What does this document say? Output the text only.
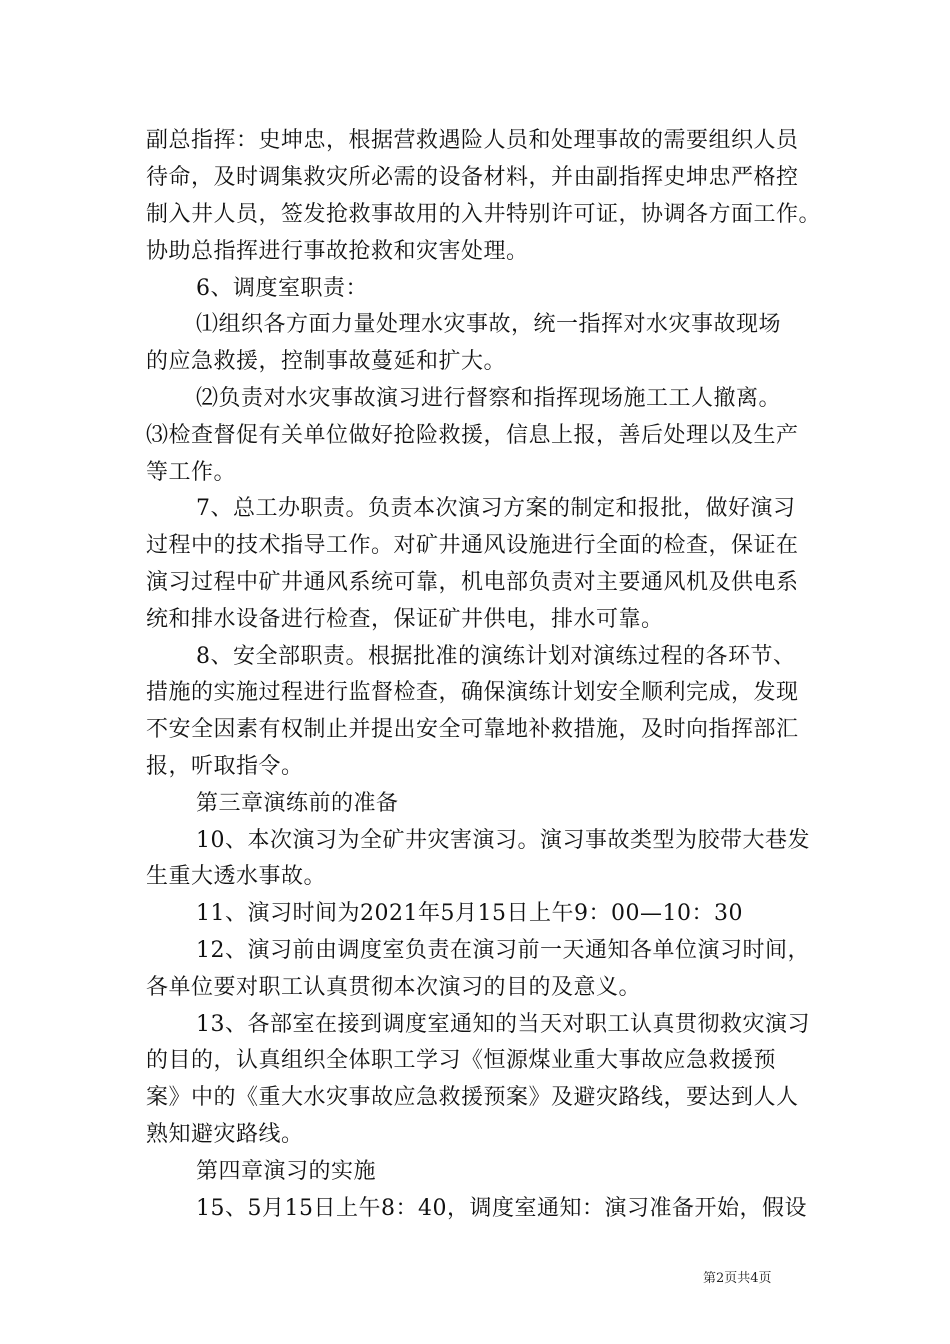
副总指挥：史坤忠，根据营救遇险人员和处理事故的需要组织人员
待命，及时调集救灾所必需的设备材料，并由副指挥史坤忠严格控
制入井人员，签发抢救事故用的入井特别许可证，协调各方面工作。
协助总指挥进行事故抢救和灾害处理。
6、调度室职责：
⑴组织各方面力量处理水灾事故，统一指挥对水灾事故现场
的应急救援，控制事故蔓延和扩大。
⑵负责对水灾事故演习进行督察和指挥现场施工工人撤离。
⑶检查督促有关单位做好抢险救援，信息上报，善后处理以及生产
等工作。
7、总工办职责。负责本次演习方案的制定和报批，做好演习
过程中的技术指导工作。对矿井通风设施进行全面的检查，保证在
演习过程中矿井通风系统可靠，机电部负责对主要通风机及供电系
统和排水设备进行检查，保证矿井供电，排水可靠。
8、安全部职责。根据批准的演练计划对演练过程的各环节、
措施的实施过程进行监督检查，确保演练计划安全顺利完成，发现
不安全因素有权制止并提出安全可靠地补救措施，及时向指挥部汇
报，听取指令。
第三章演练前的准备
10、本次演习为全矿井灾害演习。演习事故类型为胶带大巷发
生重大透水事故。
11、演习时间为2021年5月15日上午9：00—10：30
12、演习前由调度室负责在演习前一天通知各单位演习时间，
各单位要对职工认真贯彻本次演习的目的及意义。
13、各部室在接到调度室通知的当天对职工认真贯彻救灾演习
的目的，认真组织全体职工学习《恒源煤业重大事故应急救援预
案》中的《重大水灾事故应急救援预案》及避灾路线，要达到人人
熟知避灾路线。
第四章演习的实施
15、5月15日上午8：40，调度室通知：演习准备开始，假设
第2页共4页
